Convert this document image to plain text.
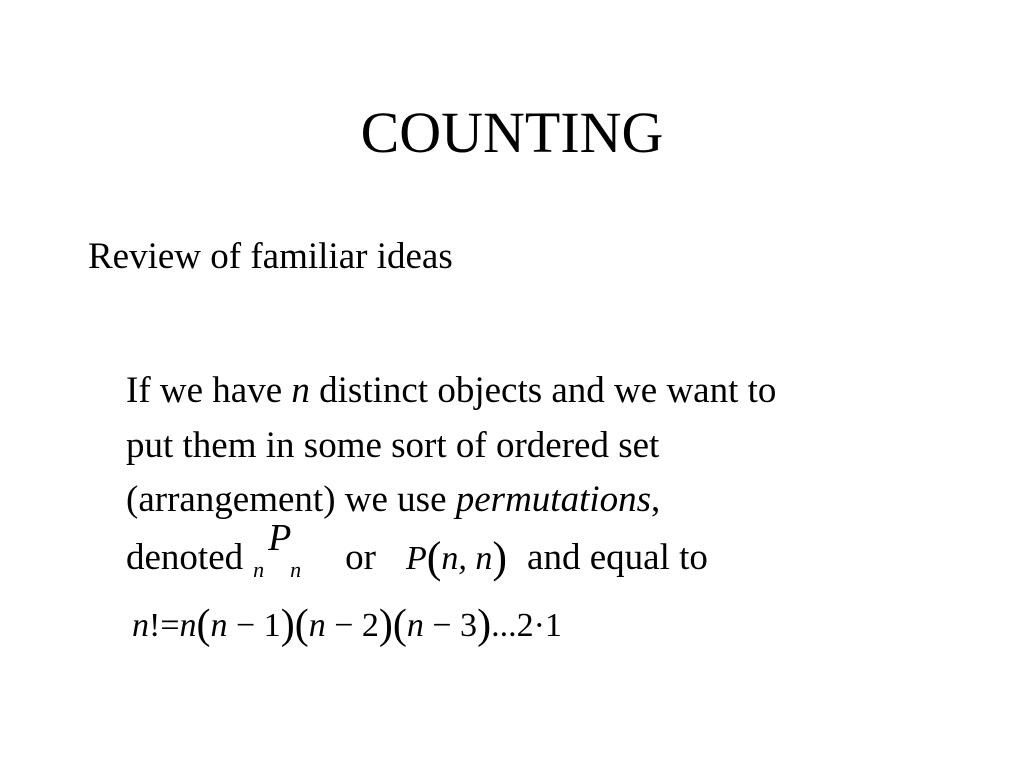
COUNTING
Review of familiar ideas
If we have n distinct objects and we want to
put them in some sort of ordered set
(arrangement) we use permutations,
denoted n
P
n or P(n, n) and equal to
n!=n(n − 1)(n − 2)(n − 3)...2·1
